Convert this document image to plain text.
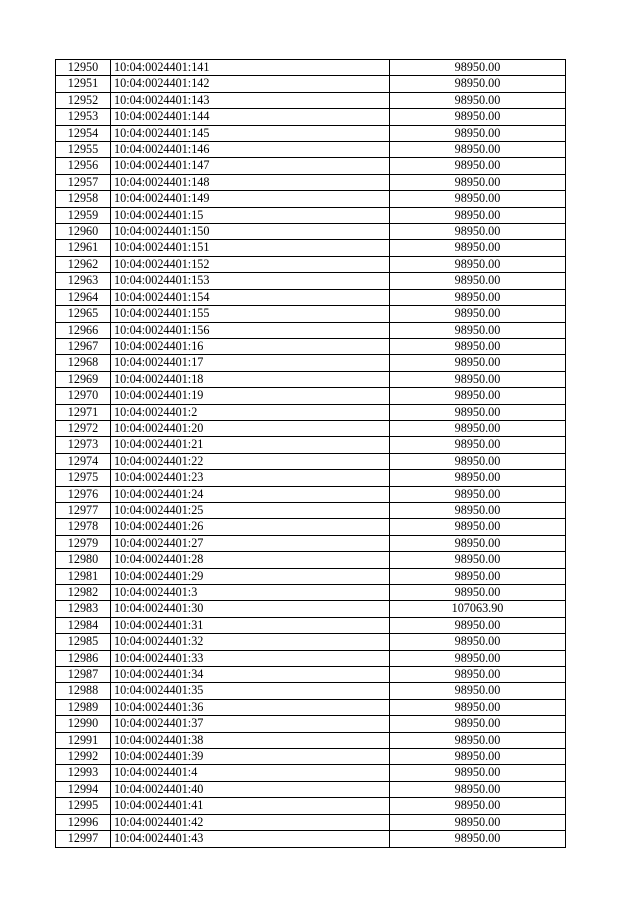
12950	10:04:0024401:141	98950.00
12951	10:04:0024401:142	98950.00
12952	10:04:0024401:143	98950.00
12953	10:04:0024401:144	98950.00
12954	10:04:0024401:145	98950.00
12955	10:04:0024401:146	98950.00
12956	10:04:0024401:147	98950.00
12957	10:04:0024401:148	98950.00
12958	10:04:0024401:149	98950.00
12959	10:04:0024401:15	98950.00
12960	10:04:0024401:150	98950.00
12961	10:04:0024401:151	98950.00
12962	10:04:0024401:152	98950.00
12963	10:04:0024401:153	98950.00
12964	10:04:0024401:154	98950.00
12965	10:04:0024401:155	98950.00
12966	10:04:0024401:156	98950.00
12967	10:04:0024401:16	98950.00
12968	10:04:0024401:17	98950.00
12969	10:04:0024401:18	98950.00
12970	10:04:0024401:19	98950.00
12971	10:04:0024401:2	98950.00
12972	10:04:0024401:20	98950.00
12973	10:04:0024401:21	98950.00
12974	10:04:0024401:22	98950.00
12975	10:04:0024401:23	98950.00
12976	10:04:0024401:24	98950.00
12977	10:04:0024401:25	98950.00
12978	10:04:0024401:26	98950.00
12979	10:04:0024401:27	98950.00
12980	10:04:0024401:28	98950.00
12981	10:04:0024401:29	98950.00
12982	10:04:0024401:3	98950.00
12983	10:04:0024401:30	107063.90
12984	10:04:0024401:31	98950.00
12985	10:04:0024401:32	98950.00
12986	10:04:0024401:33	98950.00
12987	10:04:0024401:34	98950.00
12988	10:04:0024401:35	98950.00
12989	10:04:0024401:36	98950.00
12990	10:04:0024401:37	98950.00
12991	10:04:0024401:38	98950.00
12992	10:04:0024401:39	98950.00
12993	10:04:0024401:4	98950.00
12994	10:04:0024401:40	98950.00
12995	10:04:0024401:41	98950.00
12996	10:04:0024401:42	98950.00
12997	10:04:0024401:43	98950.00
